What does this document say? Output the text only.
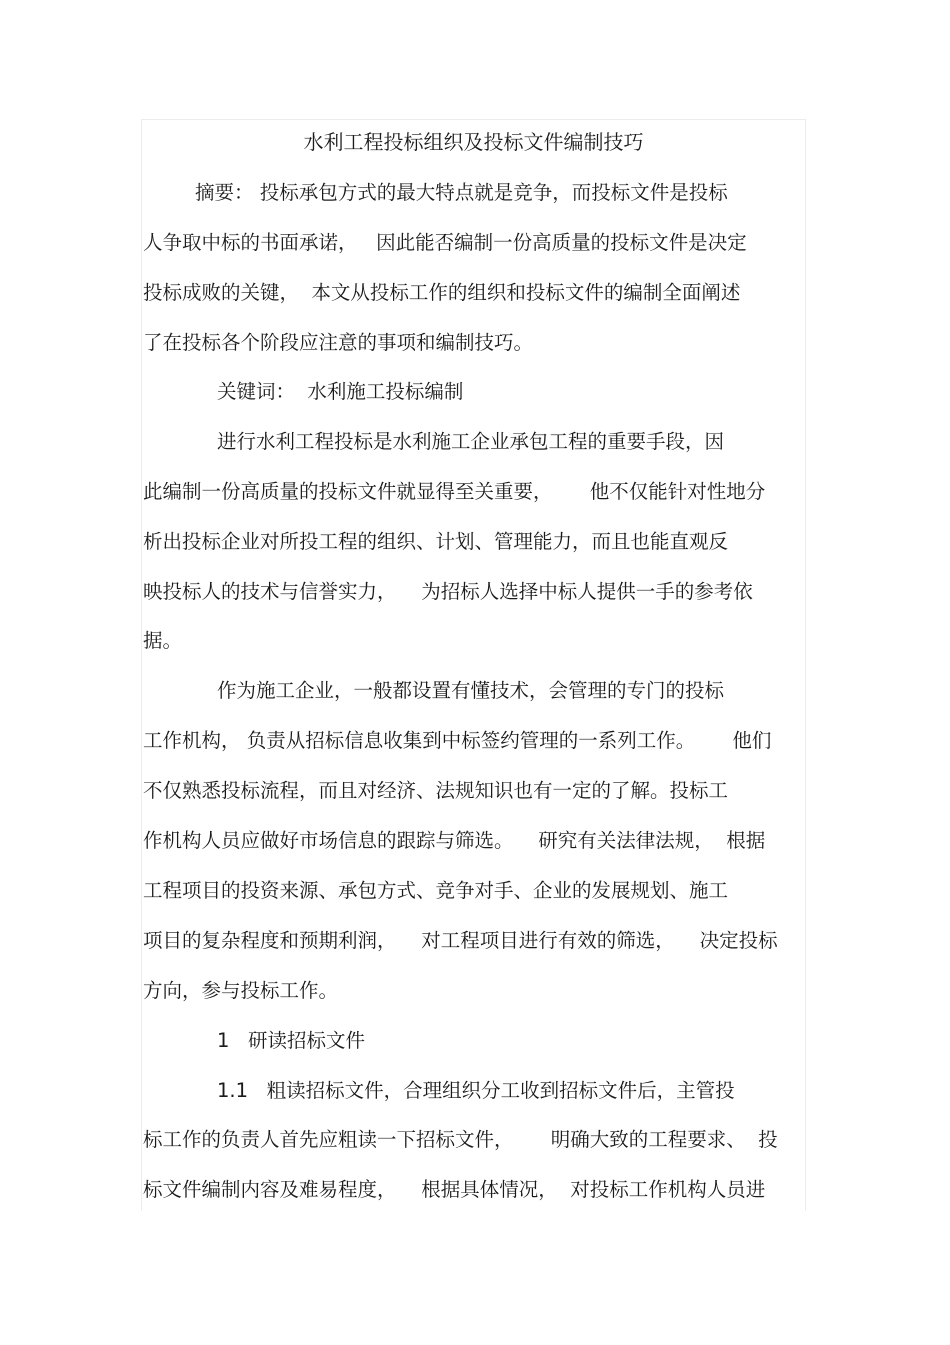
水利工程投标组织及投标文件编制技巧
摘要： 投标承包方式的最大特点就是竞争，而投标文件是投标
人争取中标的书面承诺，   因此能否编制一份高质量的投标文件是决定
投标成败的关键，  本文从投标工作的组织和投标文件的编制全面阐述
了在投标各个阶段应注意的事项和编制技巧。
关键词：  水利施工投标编制
进行水利工程投标是水利施工企业承包工程的重要手段，因
此编制一份高质量的投标文件就显得至关重要，      他不仅能针对性地分
析出投标企业对所投工程的组织、计划、管理能力，而且也能直观反
映投标人的技术与信誉实力，    为招标人选择中标人提供一手的参考依
据。
作为施工企业，一般都设置有懂技术，会管理的专门的投标
工作机构， 负责从招标信息收集到中标签约管理的一系列工作。      他们
不仅熟悉投标流程，而且对经济、法规知识也有一定的了解。投标工
作机构人员应做好市场信息的跟踪与筛选。    研究有关法律法规，  根据
工程项目的投资来源、承包方式、竞争对手、企业的发展规划、施工
项目的复杂程度和预期利润，    对工程项目进行有效的筛选，    决定投标
方向，参与投标工作。
1   研读招标文件
1.1   粗读招标文件，合理组织分工收到招标文件后，主管投
标工作的负责人首先应粗读一下招标文件，      明确大致的工程要求、  投
标文件编制内容及难易程度，    根据具体情况，  对投标工作机构人员进
